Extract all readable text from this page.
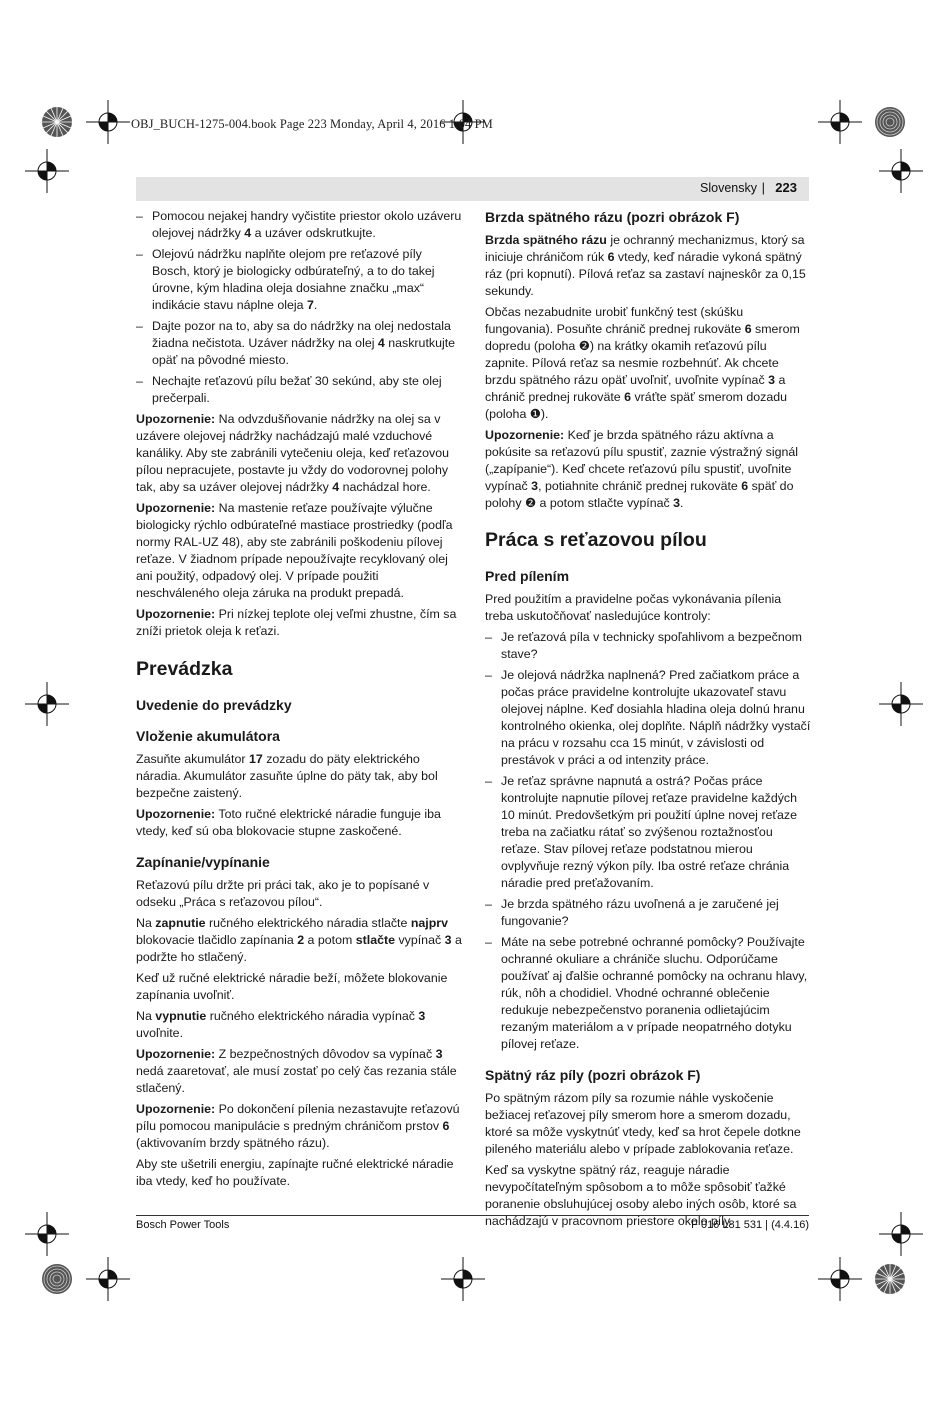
OBJ_BUCH-1275-004.book Page 223 Monday, April 4, 2016 1:04 PM
Slovensky | 223
– Pomocou nejakej handry vyčistite priestor okolo uzáveru olejovej nádržky 4 a uzáver odskrutkujte.
– Olejovú nádržku naplňte olejom pre reťazové píly Bosch, ktorý je biologicky odbúrateľný, a to do takej úrovne, kým hladina oleja dosiahne značku „max“ indikácie stavu náplne oleja 7.
– Dajte pozor na to, aby sa do nádržky na olej nedostala žiadna nečistota. Uzáver nádržky na olej 4 naskrutkujte opäť na pôvodné miesto.
– Nechajte reťazovú pílu bežať 30 sekúnd, aby ste olej prečerpali.

Upozornenie: Na odvzdušňovanie nádržky na olej sa v uzávere olejovej nádržky nachádzajú malé vzduchové kanáliky. Aby ste zabránili vytečeniu oleja, keď reťazovou pílou nepracujete, postavte ju vždy do vodorovnej polohy tak, aby sa uzáver olejovej nádržky 4 nachádzal hore.

Upozornenie: Na mastenie reťaze používajte výlučne biologicky rýchlo odbúrateľné mastiace prostriedky (podľa normy RAL-UZ 48), aby ste zabránili poškodeniu pílovej reťaze. V žiadnom prípade nepoužívajte recyklovaný olej ani použitý, odpadový olej. V prípade použiti neschváleného oleja záruka na produkt prepadá.

Upozornenie: Pri nízkej teplote olej veľmi zhustne, čím sa zníži prietok oleja k reťazi.

Prevádzka
Uvedenie do prevádzky
Vloženie akumulátora

Zasuňte akumulátor 17 zozadu do päty elektrického náradia. Akumulátor zasuňte úplne do päty tak, aby bol bezpečne zaistený.

Upozornenie: Toto ručné elektrické náradie funguje iba vtedy, keď sú oba blokovacie stupne zaskočené.

Zapínanie/vypínanie

Reťazovú pílu držte pri práci tak, ako je to popísané v odseku „Práca s reťazovou pílou“.

Na zapnutie ručného elektrického náradia stlačte najprv blokovacie tlačidlo zapínania 2 a potom stlačte vypínač 3 a podržte ho stlačený.

Keď už ručné elektrické náradie beží, môžete blokovanie zapínania uvoľniť.

Na vypnutie ručného elektrického náradia vypínač 3 uvoľnite.

Upozornenie: Z bezpečnostných dôvodov sa vypínač 3 nedá zaaretovať, ale musí zostať po celý čas rezania stále stlačený.

Upozornenie: Po dokončení pílenia nezastavujte reťazovú pílu pomocou manipulácie s predným chráničom prstov 6 (aktivovaním brzdy spätného rázu).

Aby ste ušetrili energiu, zapínajte ručné elektrické náradie iba vtedy, keď ho používate.

Brzda spätného rázu (pozri obrázok F)

Brzda spätného rázu je ochranný mechanizmus, ktorý sa iniciuje chráničom rúk 6 vtedy, keď náradie vykoná spätný ráz (pri kopnutí). Pílová reťaz sa zastaví najneskôr za 0,15 sekundy.

Občas nezabudnite urobiť funkčný test (skúšku fungovania). Posuňte chránič prednej rukoväte 6 smerom dopredu (poloha ❷) na krátky okamih reťazovú pílu zapnite. Pílová reťaz sa nesmie rozbehnúť. Ak chcete brzdu spätného rázu opäť uvoľniť, uvoľnite vypínač 3 a chránič prednej rukoväte 6 vráťte späť smerom dozadu (poloha ❶).

Upozornenie: Keď je brzda spätného rázu aktívna a pokúsite sa reťazovú pílu spustiť, zaznie výstražný signál („zapípanie“). Keď chcete reťazovú pílu spustiť, uvoľnite vypínač 3, potiahnite chránič prednej rukoväte 6 späť do polohy ❷ a potom stlačte vypínač 3.

Práca s reťazovou pílou
Pred pílením

Pred použitím a pravidelne počas vykonávania pílenia treba uskutočňovať nasledujúce kontroly:

– Je reťazová píla v technicky spoľahlivom a bezpečnom stave?
– Je olejová nádržka naplnená? Pred začiatkom práce a počas práce pravidelne kontrolujte ukazovateľ stavu olejovej náplne. Keď dosiahla hladina oleja dolnú hranu kontrolného okienka, olej doplňte. Náplň nádržky vystačí na prácu v rozsahu cca 15 minút, v závislosti od prestávok v práci a od intenzity práce.
– Je reťaz správne napnutá a ostrá? Počas práce kontrolujte napnutie pílovej reťaze pravidelne každých 10 minút. Predovšetkým pri použití úplne novej reťaze treba na začiatku rátať so zvýšenou roztažnosťou reťaze. Stav pílovej reťaze podstatnou mierou ovplyvňuje rezný výkon píly. Iba ostré reťaze chránia náradie pred preťažovaním.
– Je brzda spätného rázu uvoľnená a je zaručené jej fungovanie?
– Máte na sebe potrebné ochranné pomôcky? Používajte ochranné okuliare a chrániče sluchu. Odporúčame používať aj ďalšie ochranné pomôcky na ochranu hlavy, rúk, nôh a chodidiel. Vhodné ochranné oblečenie redukuje nebezpečenstvo poranenia odlietajúcim rezaným materiálom a v prípade neopatrného dotyku pílovej reťaze.
Spätný ráz píly (pozri obrázok F)

Po spätným rázom píly sa rozumie náhle vyskočenie bežiacej reťazovej píly smerom hore a smerom dozadu, ktoré sa môže vyskytnúť vtedy, keď sa hrot čepele dotkne pileného materiálu alebo v prípade zablokovania reťaze.

Keď sa vyskytne spätný ráz, reaguje náradie nevypočítateľným spôsobom a to môže spôsobiť ťažké poranenie obsluhujúcej osoby alebo iných osôb, ktoré sa nachádzajú v pracovnom priestore okolo píly.

Bosch Power Tools	F 016 L81 531 | (4.4.16)
